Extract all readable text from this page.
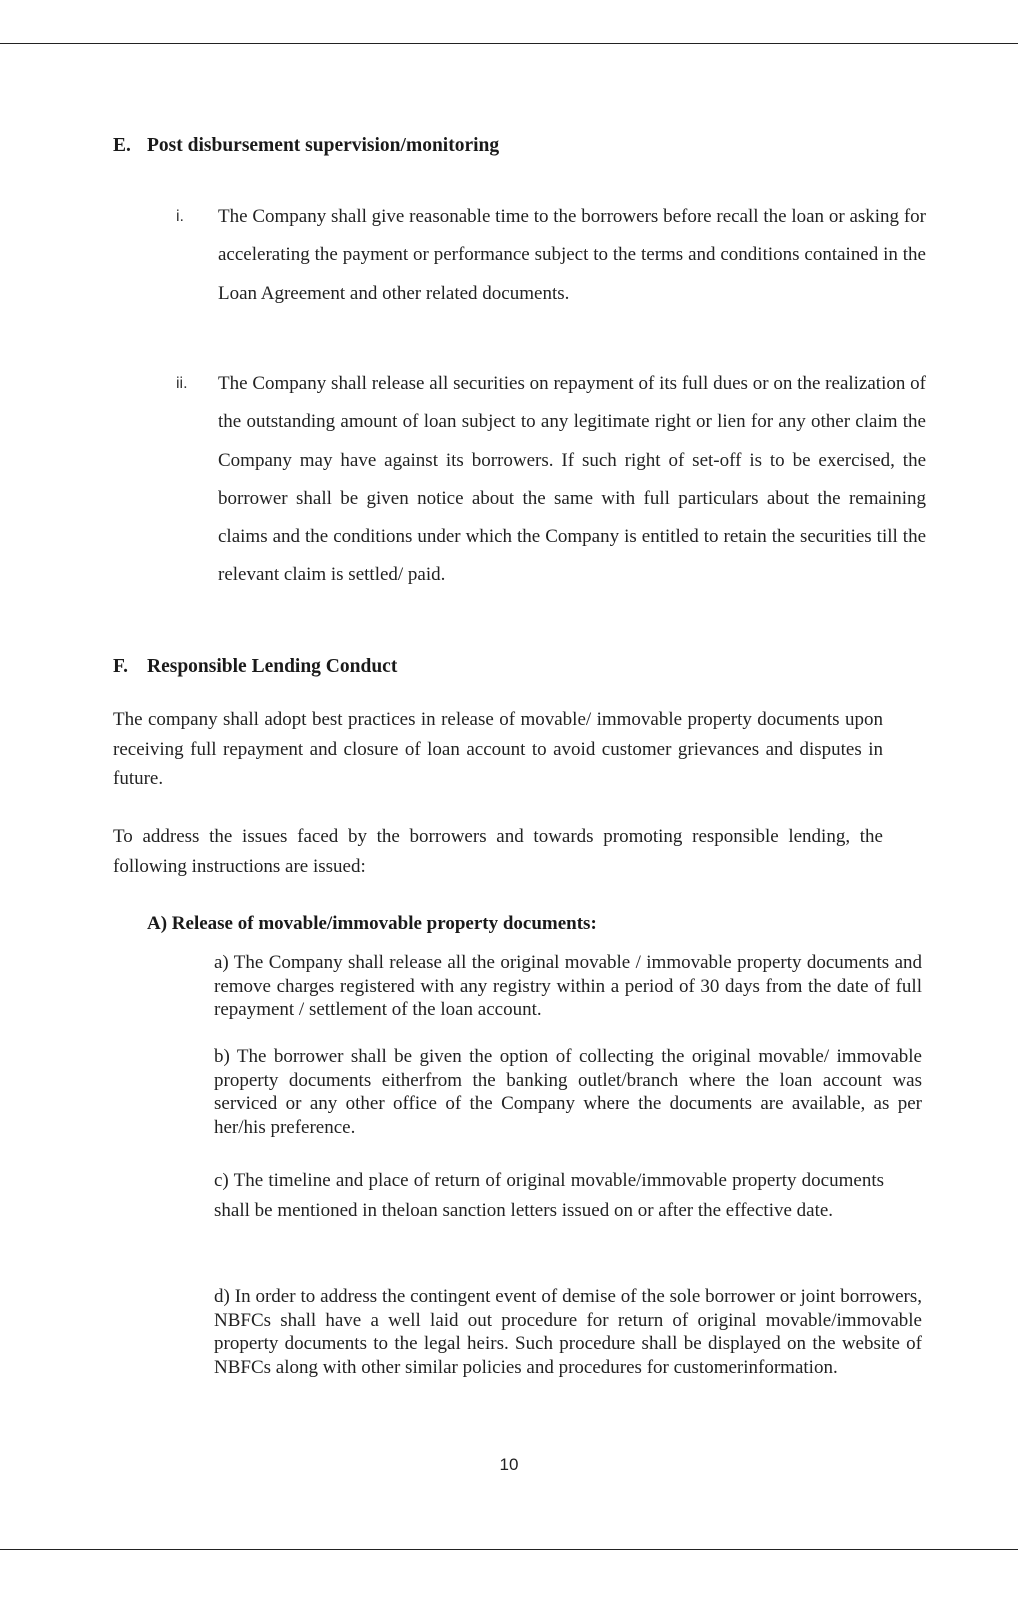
E. Post disbursement supervision/monitoring
i. The Company shall give reasonable time to the borrowers before recall the loan or asking for accelerating the payment or performance subject to the terms and conditions contained in the Loan Agreement and other related documents.
ii. The Company shall release all securities on repayment of its full dues or on the realization of the outstanding amount of loan subject to any legitimate right or lien for any other claim the Company may have against its borrowers. If such right of set-off is to be exercised, the borrower shall be given notice about the same with full particulars about the remaining claims and the conditions under which the Company is entitled to retain the securities till the relevant claim is settled/ paid.
F. Responsible Lending Conduct

The company shall adopt best practices in release of movable/ immovable property documents upon receiving full repayment and closure of loan account to avoid customer grievances and disputes in future.

To address the issues faced by the borrowers and towards promoting responsible lending, the following instructions are issued:

A) Release of movable/immovable property documents:

a) The Company shall release all the original movable / immovable property documents and remove charges registered with any registry within a period of 30 days from the date of full repayment / settlement of the loan account.

b) The borrower shall be given the option of collecting the original movable/ immovable property documents eitherfrom the banking outlet/branch where the loan account was serviced or any other office of the Company where the documents are available, as per her/his preference.

c) The timeline and place of return of original movable/immovable property documents shall be mentioned in theloan sanction letters issued on or after the effective date.

d) In order to address the contingent event of demise of the sole borrower or joint borrowers, NBFCs shall have a well laid out procedure for return of original movable/immovable property documents to the legal heirs. Such procedure shall be displayed on the website of NBFCs along with other similar policies and procedures for customerinformation.

10
